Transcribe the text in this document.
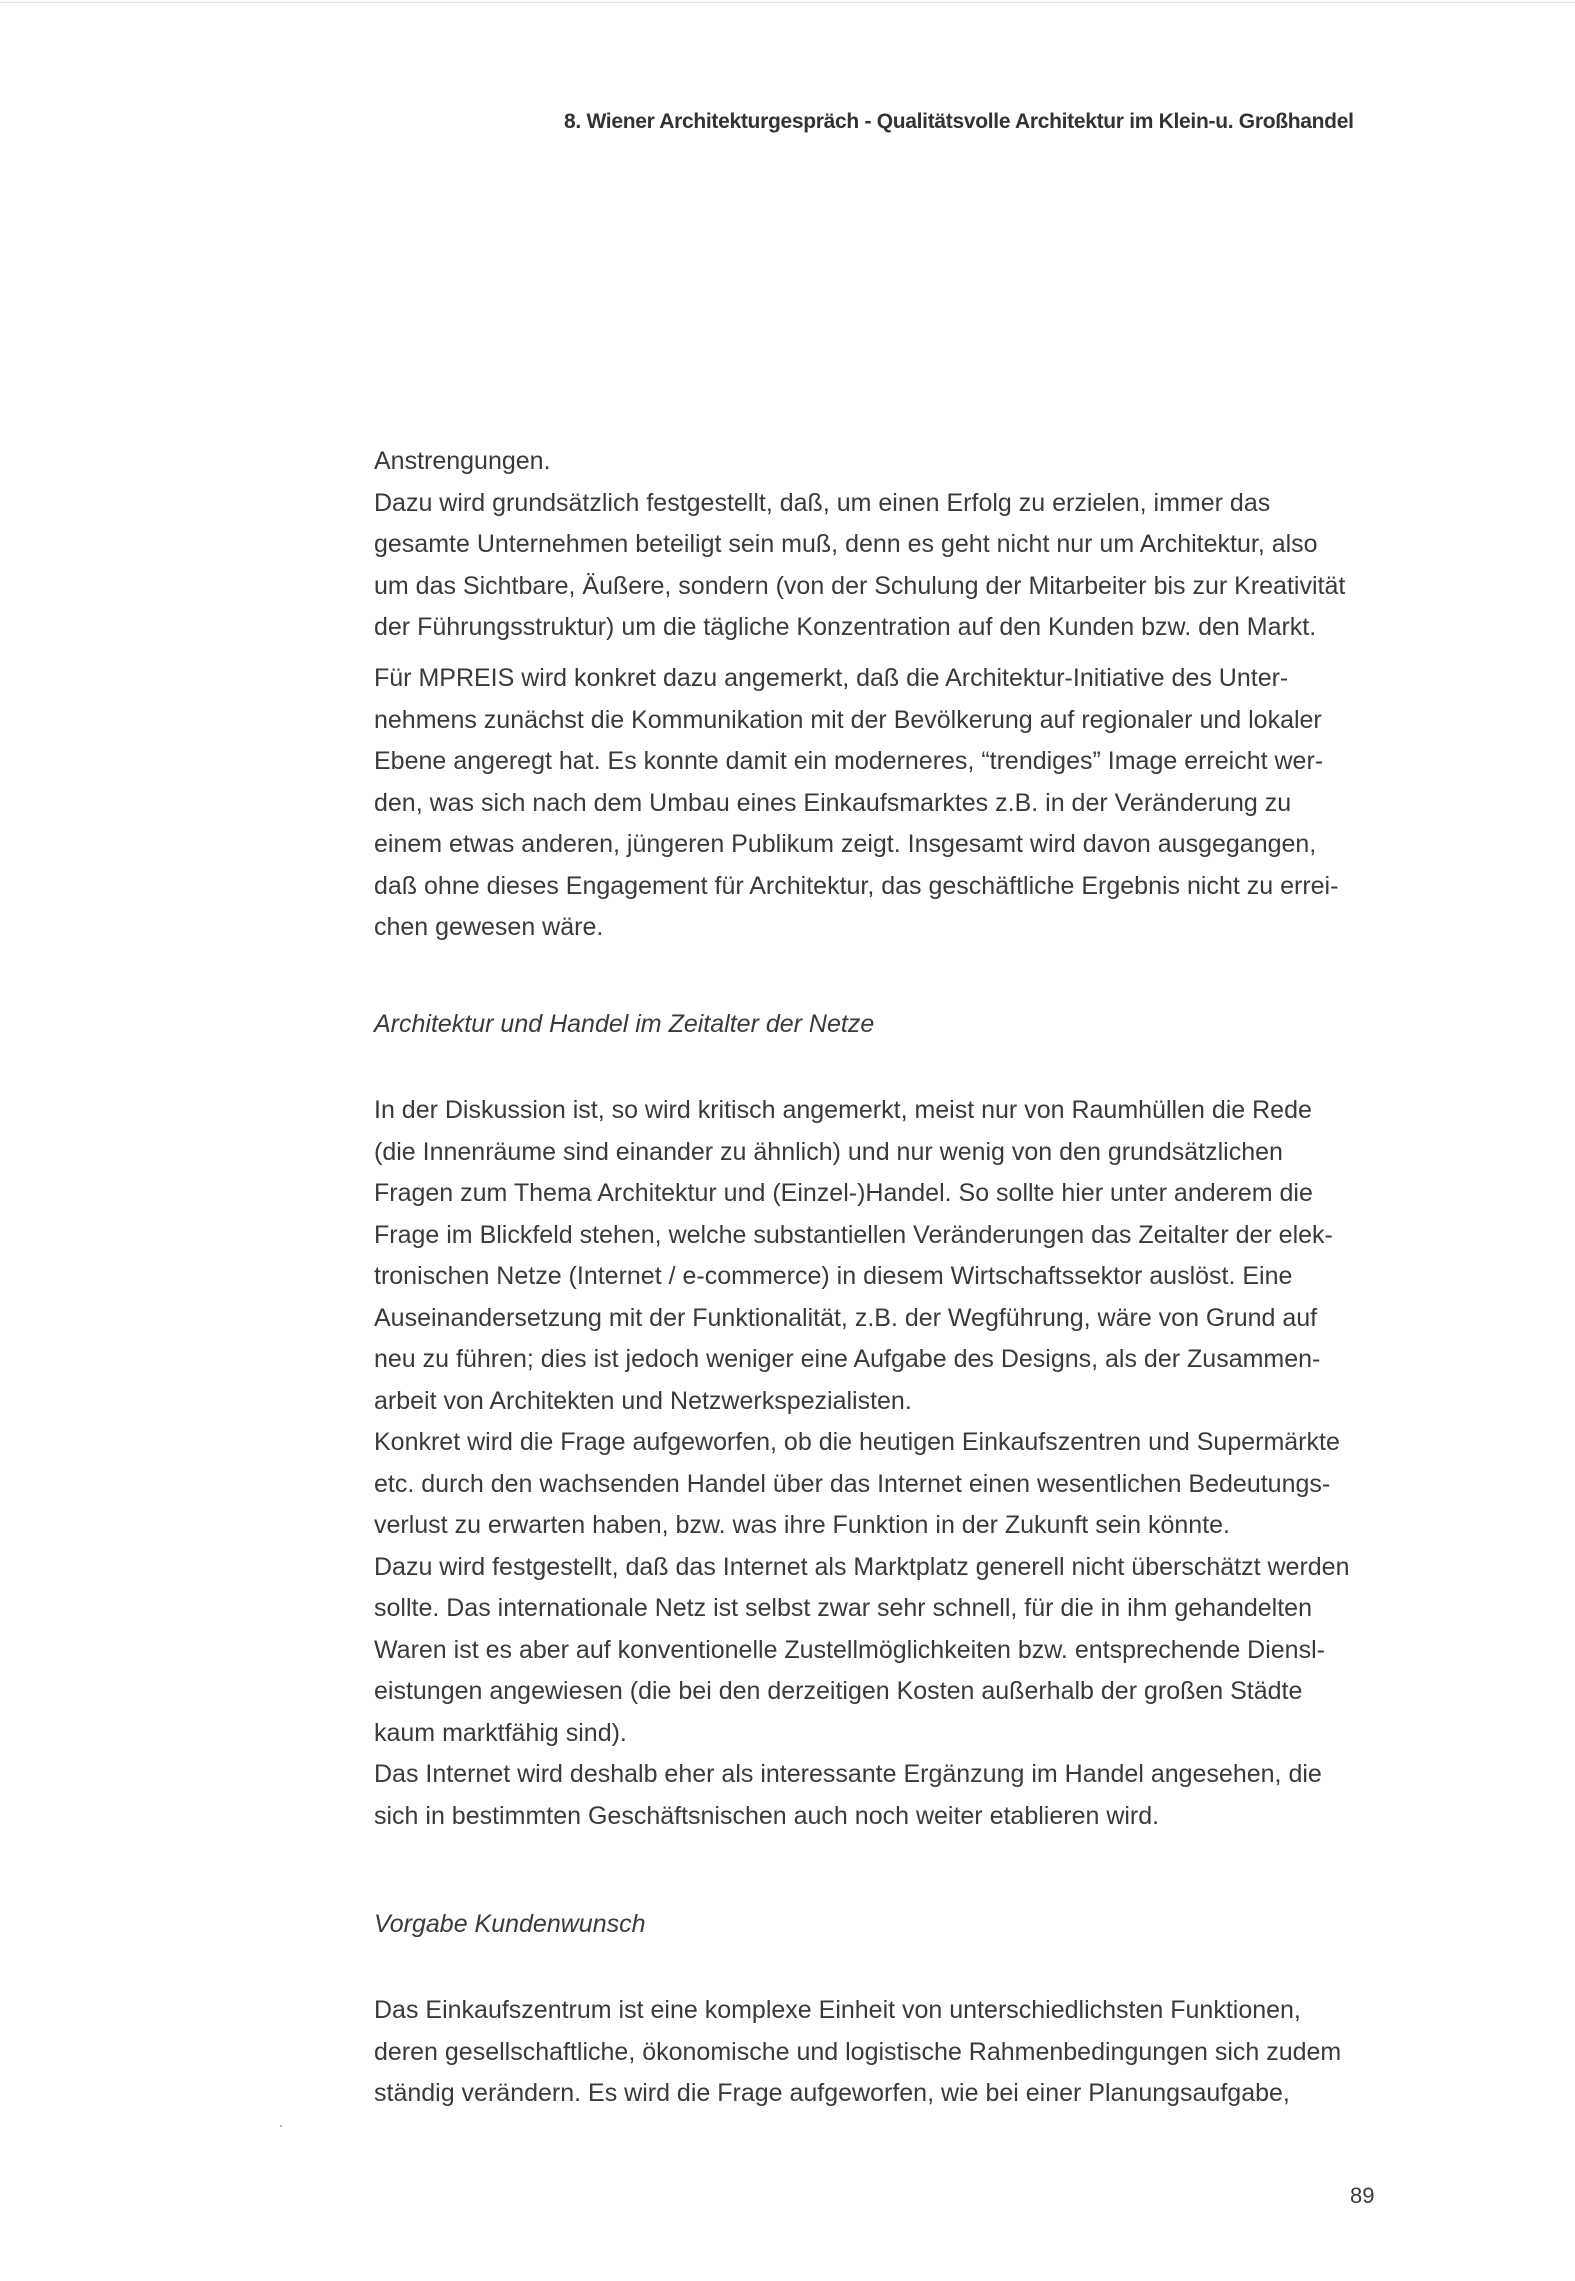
8. Wiener Architekturgespräch - Qualitätsvolle Architektur im Klein-u. Großhandel

Anstrengungen.

Dazu wird grundsätzlich festgestellt, daß, um einen Erfolg zu erzielen, immer das

gesamte Unternehmen beteiligt sein muß, denn es geht nicht nur um Architektur, also

um das Sichtbare, Äußere, sondern (von der Schulung der Mitarbeiter bis zur Kreativität

der Führungsstruktur) um die tägliche Konzentration auf den Kunden bzw. den Markt.

Für MPREIS wird konkret dazu angemerkt, daß die Architektur-Initiative des Unter-

nehmens zunächst die Kommunikation mit der Bevölkerung auf regionaler und lokaler

Ebene angeregt hat. Es konnte damit ein moderneres, “trendiges” Image erreicht wer-

den, was sich nach dem Umbau eines Einkaufsmarktes z.B. in der Veränderung zu

einem etwas anderen, jüngeren Publikum zeigt. Insgesamt wird davon ausgegangen,

daß ohne dieses Engagement für Architektur, das geschäftliche Ergebnis nicht zu errei-

chen gewesen wäre.

Architektur und Handel im Zeitalter der Netze

In der Diskussion ist, so wird kritisch angemerkt, meist nur von Raumhüllen die Rede

(die Innenräume sind einander zu ähnlich) und nur wenig von den grundsätzlichen

Fragen zum Thema Architektur und (Einzel-)Handel. So sollte hier unter anderem die

Frage im Blickfeld stehen, welche substantiellen Veränderungen das Zeitalter der elek-

tronischen Netze (Internet / e-commerce) in diesem Wirtschaftssektor auslöst. Eine

Auseinandersetzung mit der Funktionalität, z.B. der Wegführung, wäre von Grund auf

neu zu führen; dies ist jedoch weniger eine Aufgabe des Designs, als der Zusammen-

arbeit von Architekten und Netzwerkspezialisten.

Konkret wird die Frage aufgeworfen, ob die heutigen Einkaufszentren und Supermärkte

etc. durch den wachsenden Handel über das Internet einen wesentlichen Bedeutungs-

verlust zu erwarten haben, bzw. was ihre Funktion in der Zukunft sein könnte.

Dazu wird festgestellt, daß das Internet als Marktplatz generell nicht überschätzt werden

sollte. Das internationale Netz ist selbst zwar sehr schnell, für die in ihm gehandelten

Waren ist es aber auf konventionelle Zustellmöglichkeiten bzw. entsprechende Diensl-

eistungen angewiesen (die bei den derzeitigen Kosten außerhalb der großen Städte

kaum marktfähig sind).

Das Internet wird deshalb eher als interessante Ergänzung im Handel angesehen, die

sich in bestimmten Geschäftsnischen auch noch weiter etablieren wird.

Vorgabe Kundenwunsch

Das Einkaufszentrum ist eine komplexe Einheit von unterschiedlichsten Funktionen,

deren gesellschaftliche, ökonomische und logistische Rahmenbedingungen sich zudem

ständig verändern. Es wird die Frage aufgeworfen, wie bei einer Planungsaufgabe,

89
